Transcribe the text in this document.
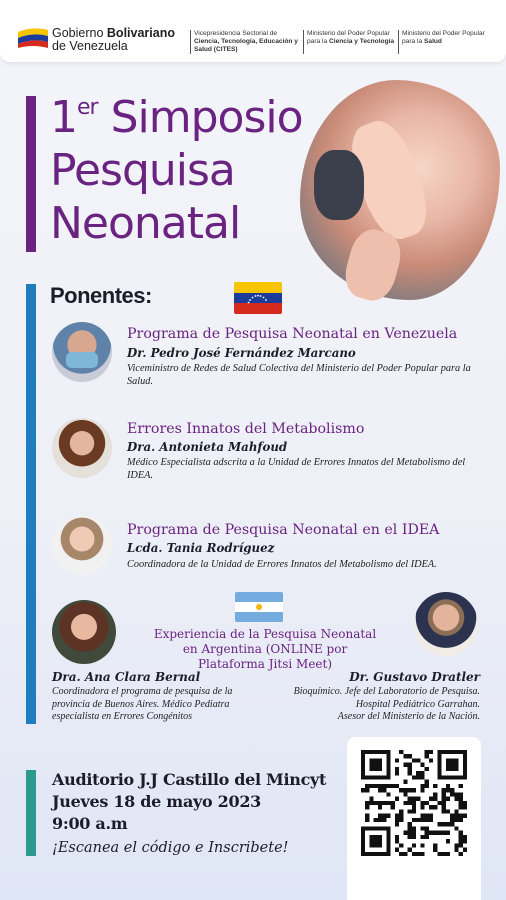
Gobierno Bolivariano
de Venezuela
Vicepresidencia Sectorial de
Ciencia, Tecnología, Educación y
Salud (CITES)
Ministerio del Poder Popular
para la Ciencia y Tecnología
Ministerio del Poder Popular
para la Salud
1er Simposio
Pesquisa
Neonatal
Ponentes:
Programa de Pesquisa Neonatal en Venezuela
Dr. Pedro José Fernández Marcano
Viceministro de Redes de Salud Colectiva del Ministerio del Poder Popular para la Salud.
Errores Innatos del Metabolismo
Dra. Antonieta Mahfoud
Médico Especialista adscrita a la Unidad de Errores Innatos del Metabolismo del IDEA.
Programa de Pesquisa Neonatal en el IDEA
Lcda. Tania Rodríguez
Coordinadora de la Unidad de Errores Innatos del Metabolismo del IDEA.
Experiencia de la Pesquisa Neonatal
en Argentina (ONLINE por Plataforma Jitsi Meet)
Dra. Ana Clara Bernal
Coordinadora el programa de pesquisa de la
provincia de Buenos Aires. Médico Pediatra
especialista en Errores Congénitos
Dr. Gustavo Dratler
Bioquímico. Jefe del Laboratorio de Pesquisa.
Hospital Pediátrico Garrahan.
Asesor del Ministerio de la Nación.
Auditorio J.J Castillo del Mincyt
Jueves 18 de mayo 2023
9:00 a.m
¡Escanea el código e Inscribete!
